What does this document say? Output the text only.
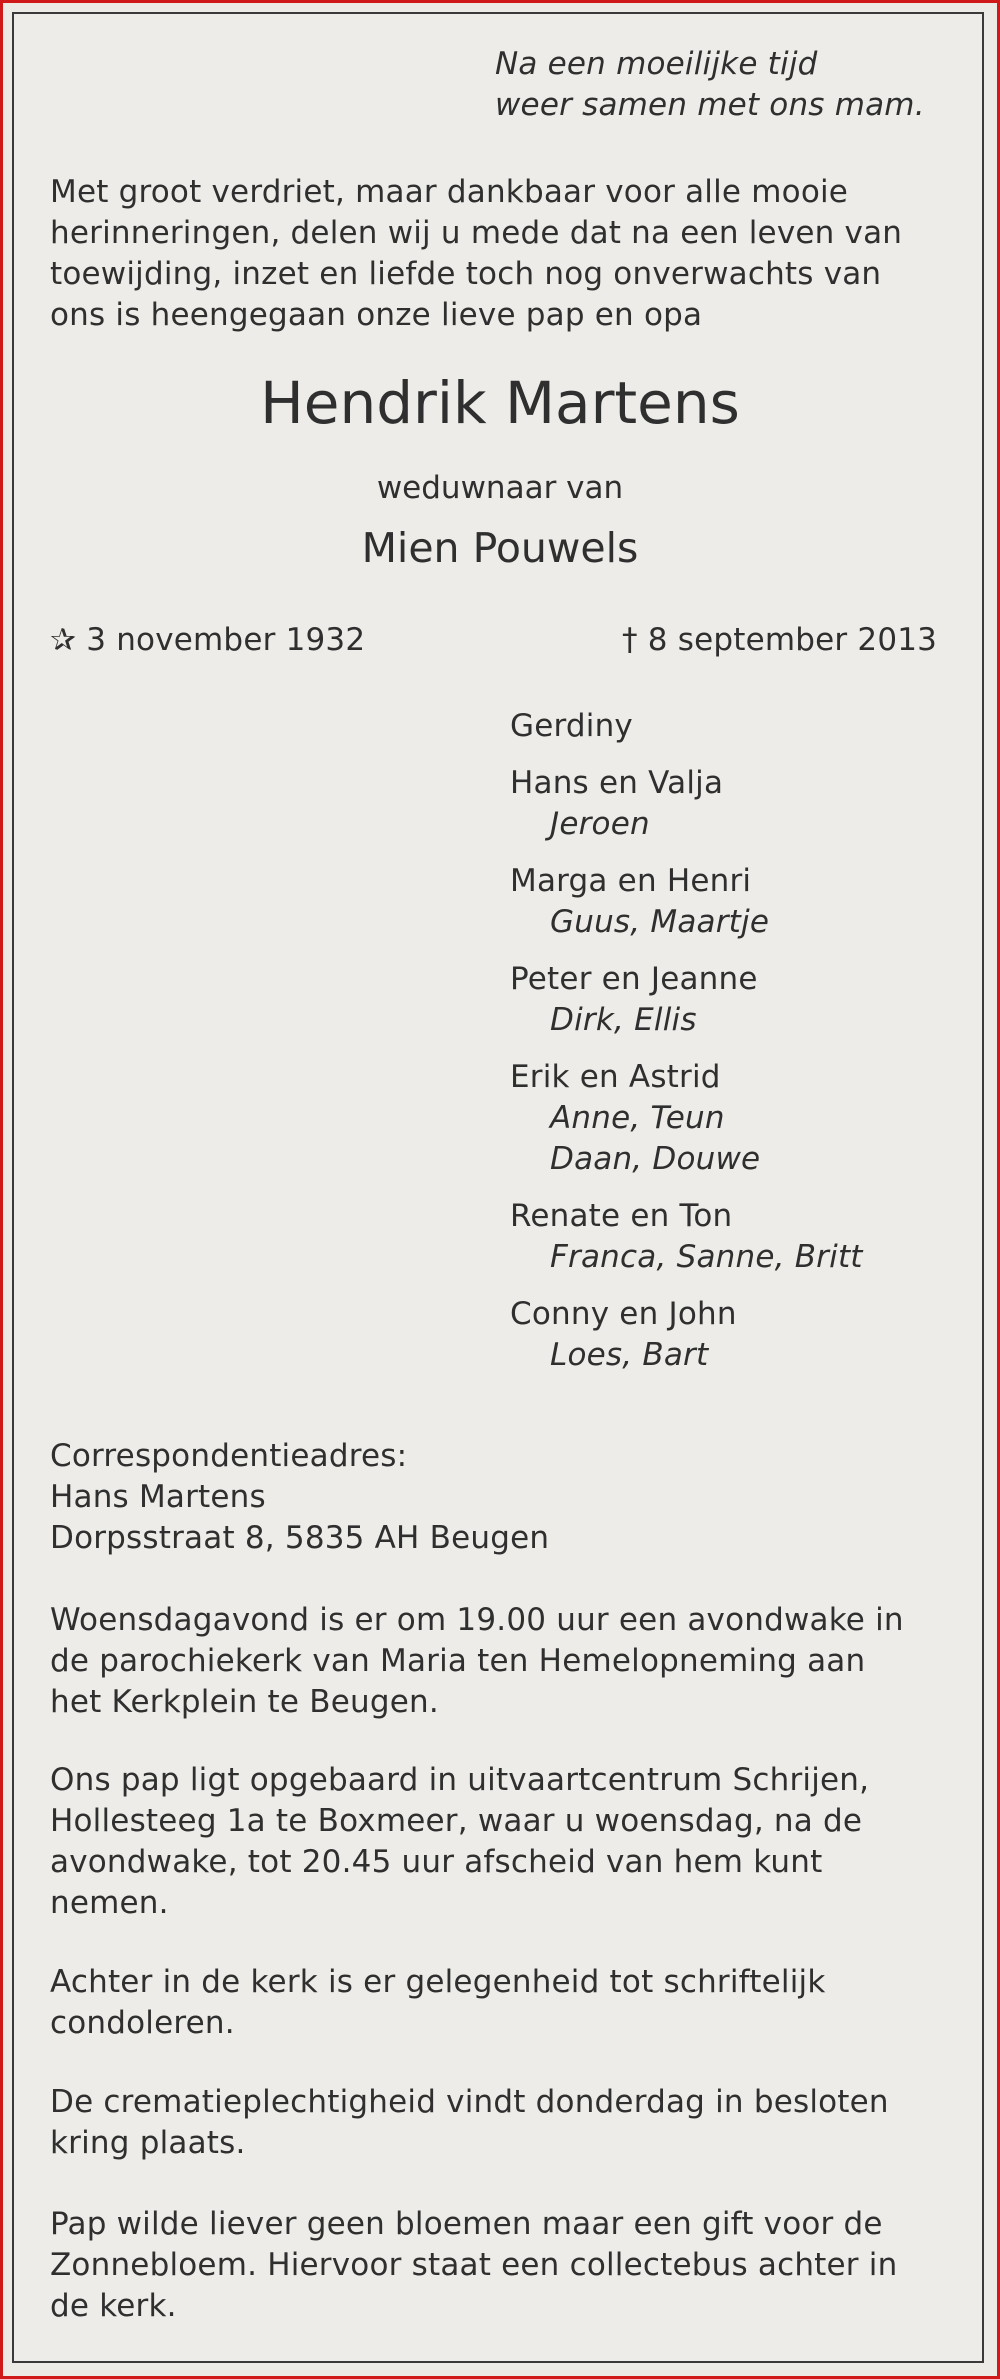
Na een moeilijke tijd
weer samen met ons mam.
Met groot verdriet, maar dankbaar voor alle mooie
herinneringen, delen wij u mede dat na een leven van
toewijding, inzet en liefde toch nog onverwachts van
ons is heengegaan onze lieve pap en opa
Hendrik Martens
weduwnaar van
Mien Pouwels
✰ 3 november 1932	† 8 september 2013
Gerdiny
Hans en Valja
Jeroen
Marga en Henri
Guus, Maartje
Peter en Jeanne
Dirk, Ellis
Erik en Astrid
Anne, Teun
Daan, Douwe
Renate en Ton
Franca, Sanne, Britt
Conny en John
Loes, Bart
Correspondentieadres:
Hans Martens
Dorpsstraat 8, 5835 AH Beugen
Woensdagavond is er om 19.00 uur een avondwake in
de parochiekerk van Maria ten Hemelopneming aan
het Kerkplein te Beugen.
Ons pap ligt opgebaard in uitvaartcentrum Schrijen,
Hollesteeg 1a te Boxmeer, waar u woensdag, na de
avondwake, tot 20.45 uur afscheid van hem kunt
nemen.
Achter in de kerk is er gelegenheid tot schriftelijk
condoleren.
De crematieplechtigheid vindt donderdag in besloten
kring plaats.
Pap wilde liever geen bloemen maar een gift voor de
Zonnebloem. Hiervoor staat een collectebus achter in
de kerk.
